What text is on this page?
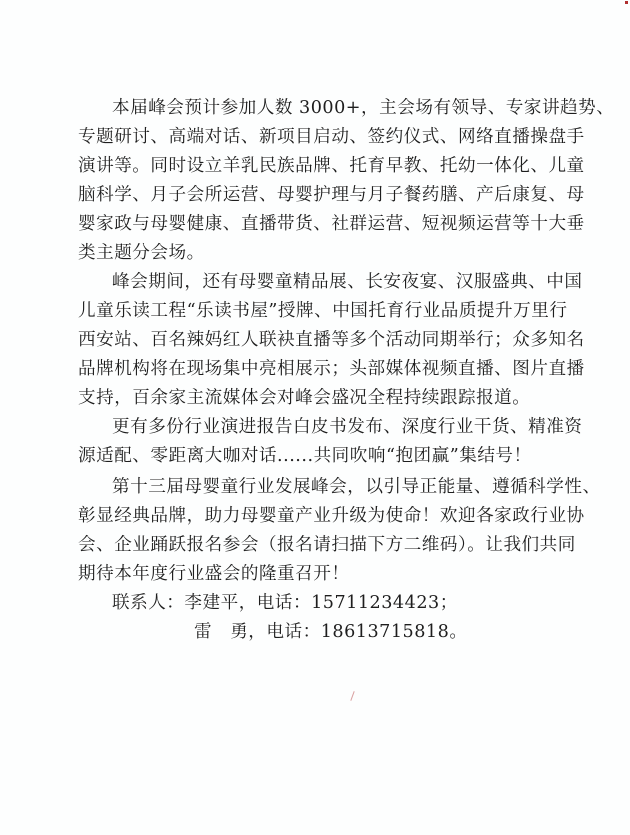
本届峰会预计参加人数 3000+，主会场有领导、专家讲趋势、
专题研讨、高端对话、新项目启动、签约仪式、网络直播操盘手
演讲等。同时设立羊乳民族品牌、托育早教、托幼一体化、儿童
脑科学、月子会所运营、母婴护理与月子餐药膳、产后康复、母
婴家政与母婴健康、直播带货、社群运营、短视频运营等十大垂
类主题分会场。
峰会期间，还有母婴童精品展、长安夜宴、汉服盛典、中国
儿童乐读工程“乐读书屋”授牌、中国托育行业品质提升万里行
西安站、百名辣妈红人联袂直播等多个活动同期举行；众多知名
品牌机构将在现场集中亮相展示；头部媒体视频直播、图片直播
支持，百余家主流媒体会对峰会盛况全程持续跟踪报道。
更有多份行业演进报告白皮书发布、深度行业干货、精准资
源适配、零距离大咖对话......共同吹响“抱团赢”集结号！
第十三届母婴童行业发展峰会，以引导正能量、遵循科学性、
彰显经典品牌，助力母婴童产业升级为使命！欢迎各家政行业协
会、企业踊跃报名参会（报名请扫描下方二维码）。让我们共同
期待本年度行业盛会的隆重召开！
联系人：李建平，电话：15711234423；
雷　勇，电话：18613715818。
